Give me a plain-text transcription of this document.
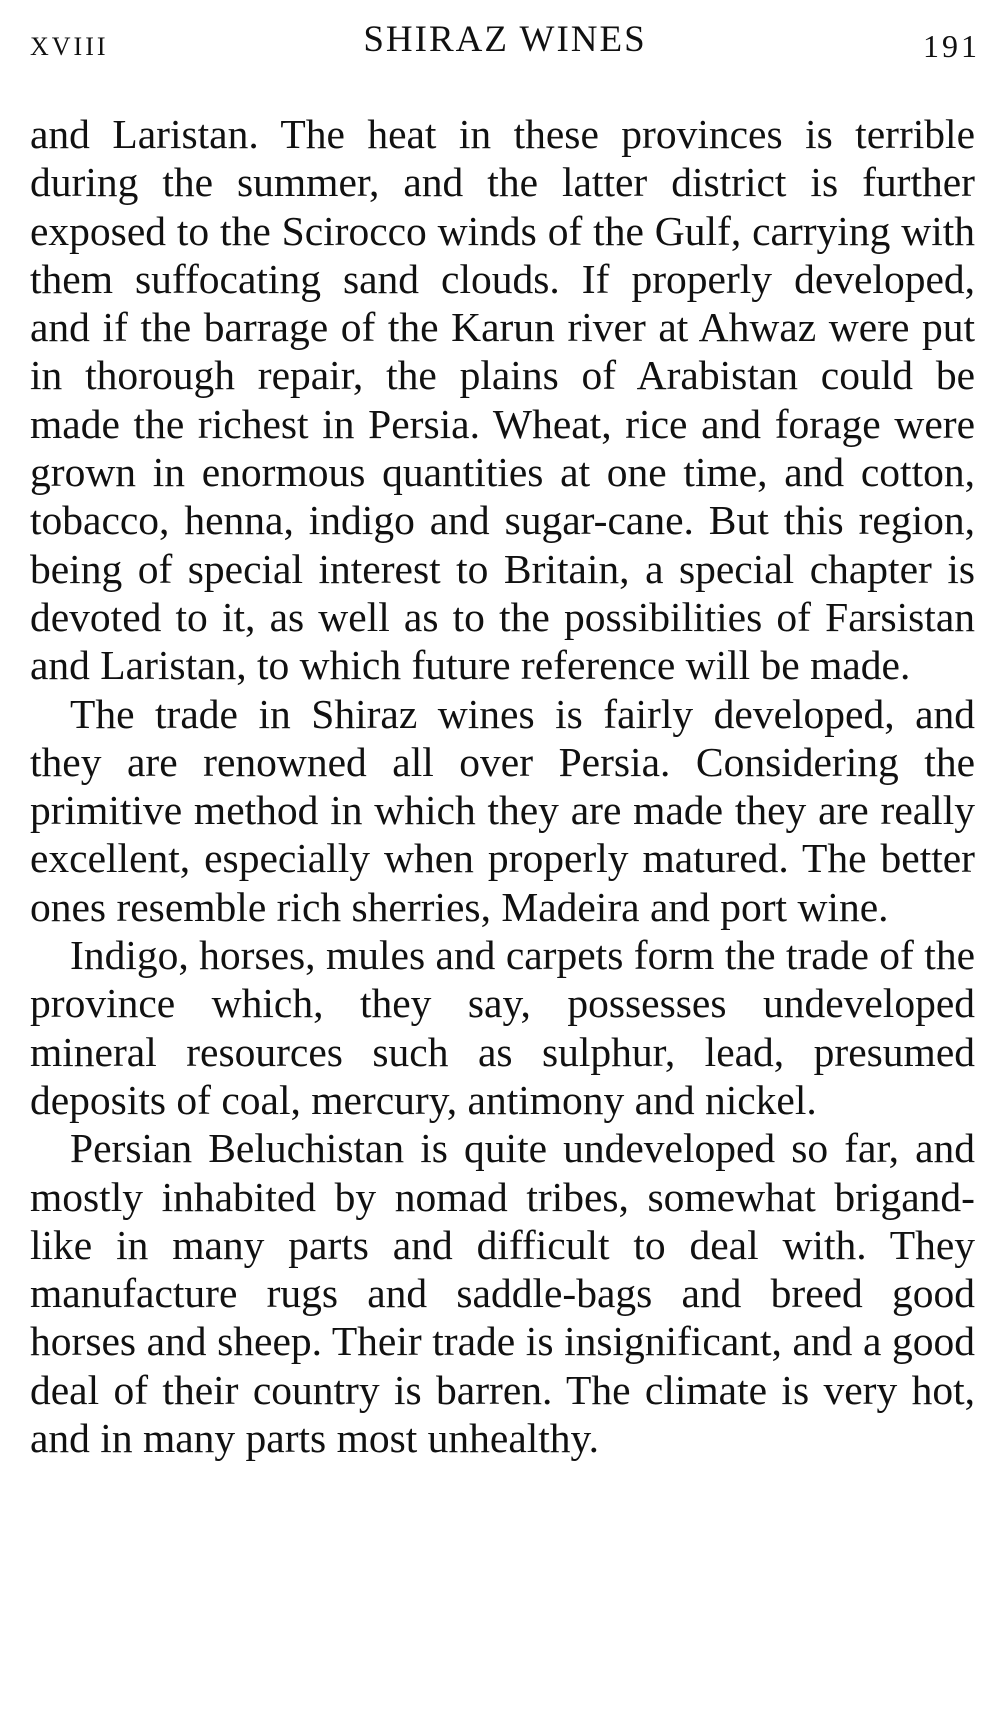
XVIII	SHIRAZ WINES	191

and Laristan. The heat in these provinces is terrible during the summer, and the latter district is further exposed to the Scirocco winds of the Gulf, carrying with them suffocating sand clouds. If properly developed, and if the barrage of the Karun river at Ahwaz were put in thorough repair, the plains of Arabistan could be made the richest in Persia. Wheat, rice and forage were grown in enormous quantities at one time, and cotton, tobacco, henna, indigo and sugar-cane. But this region, being of special interest to Britain, a special chapter is devoted to it, as well as to the possibilities of Farsistan and Laristan, to which future reference will be made.

The trade in Shiraz wines is fairly developed, and they are renowned all over Persia. Considering the primitive method in which they are made they are really excellent, especially when properly matured. The better ones resemble rich sherries, Madeira and port wine.

Indigo, horses, mules and carpets form the trade of the province which, they say, possesses undeveloped mineral resources such as sulphur, lead, presumed deposits of coal, mercury, antimony and nickel.

Persian Beluchistan is quite undeveloped so far, and mostly inhabited by nomad tribes, somewhat brigand-like in many parts and difficult to deal with. They manufacture rugs and saddle-bags and breed good horses and sheep. Their trade is insignificant, and a good deal of their country is barren. The climate is very hot, and in many parts most unhealthy.
